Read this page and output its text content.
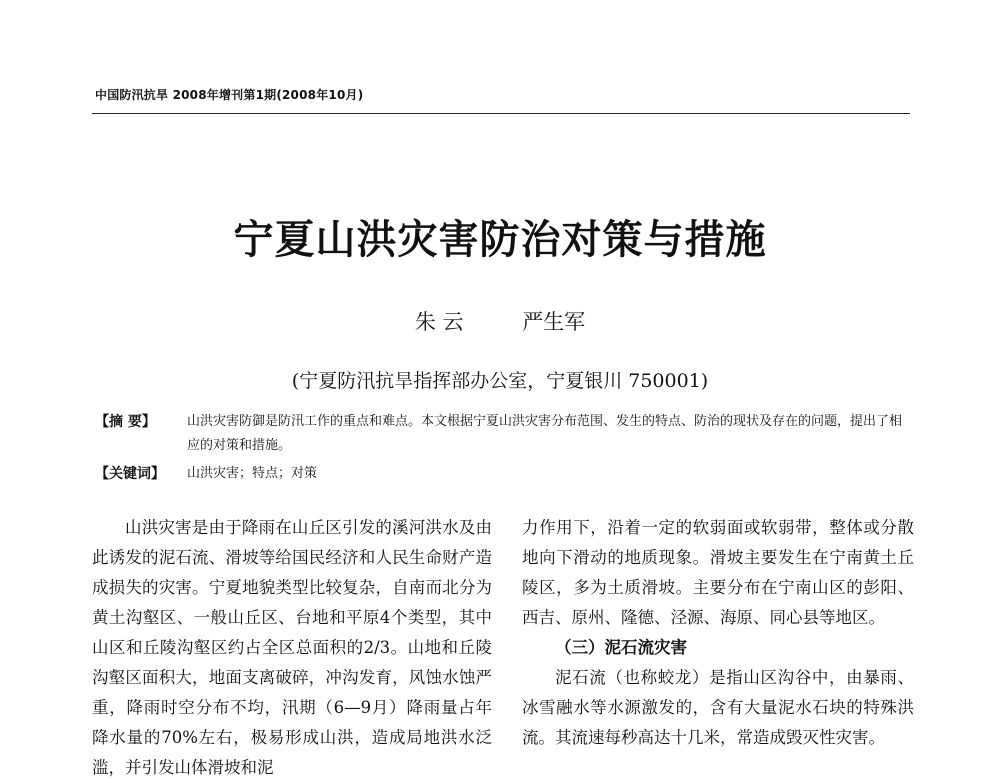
中国防汛抗旱 2008年增刊第1期(2008年10月)
宁夏山洪灾害防治对策与措施
朱 云	严生军
(宁夏防汛抗旱指挥部办公室，宁夏银川 750001)
【摘 要】	山洪灾害防御是防汛工作的重点和难点。本文根据宁夏山洪灾害分布范围、发生的特点、防治的现状及存在的问题，提出了相应的对策和措施。
【关键词】	山洪灾害；特点；对策

山洪灾害是由于降雨在山丘区引发的溪河洪水及由此诱发的泥石流、滑坡等给国民经济和人民生命财产造成损失的灾害。宁夏地貌类型比较复杂，自南而北分为黄土沟壑区、一般山丘区、台地和平原4个类型，其中山区和丘陵沟壑区约占全区总面积的2/3。山地和丘陵沟壑区面积大，地面支离破碎，冲沟发育，风蚀水蚀严重，降雨时空分布不均，汛期（6—9月）降雨量占年降水量的70%左右，极易形成山洪，造成局地洪水泛滥，并引发山体滑坡和泥

力作用下，沿着一定的软弱面或软弱带，整体或分散地向下滑动的地质现象。滑坡主要发生在宁南黄土丘陵区，多为土质滑坡。主要分布在宁南山区的彭阳、西吉、原州、隆德、泾源、海原、同心县等地区。

（三）泥石流灾害

泥石流（也称蛟龙）是指山区沟谷中，由暴雨、冰雪融水等水源激发的，含有大量泥水石块的特殊洪流。其流速每秒高达十几米，常造成毁灭性灾害。
